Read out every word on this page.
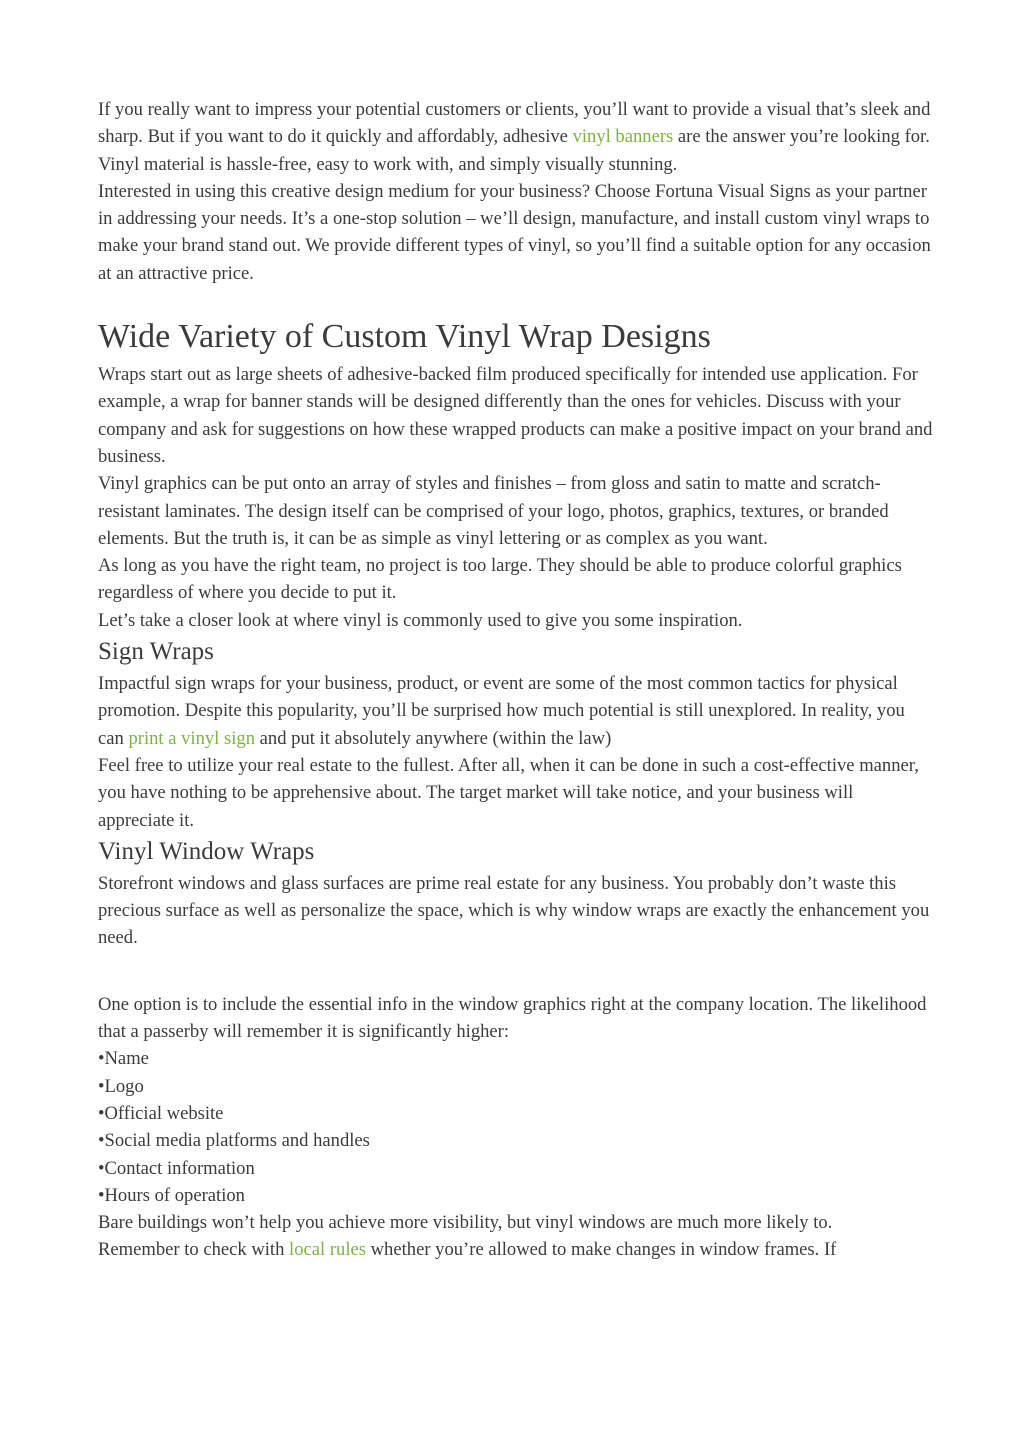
If you really want to impress your potential customers or clients, you’ll want to provide a visual that’s sleek and sharp. But if you want to do it quickly and affordably, adhesive vinyl banners are the answer you’re looking for. Vinyl material is hassle-free, easy to work with, and simply visually stunning.

Interested in using this creative design medium for your business? Choose Fortuna Visual Signs as your partner in addressing your needs. It’s a one-stop solution – we’ll design, manufacture, and install custom vinyl wraps to make your brand stand out. We provide different types of vinyl, so you’ll find a suitable option for any occasion at an attractive price.

Wide Variety of Custom Vinyl Wrap Designs

Wraps start out as large sheets of adhesive-backed film produced specifically for intended use application. For example, a wrap for banner stands will be designed differently than the ones for vehicles. Discuss with your company and ask for suggestions on how these wrapped products can make a positive impact on your brand and business.

Vinyl graphics can be put onto an array of styles and finishes – from gloss and satin to matte and scratch-resistant laminates. The design itself can be comprised of your logo, photos, graphics, textures, or branded elements. But the truth is, it can be as simple as vinyl lettering or as complex as you want.

As long as you have the right team, no project is too large. They should be able to produce colorful graphics regardless of where you decide to put it.

Let’s take a closer look at where vinyl is commonly used to give you some inspiration.

Sign Wraps

Impactful sign wraps for your business, product, or event are some of the most common tactics for physical promotion. Despite this popularity, you’ll be surprised how much potential is still unexplored. In reality, you can print a vinyl sign and put it absolutely anywhere (within the law)

Feel free to utilize your real estate to the fullest. After all, when it can be done in such a cost-effective manner, you have nothing to be apprehensive about. The target market will take notice, and your business will appreciate it.

Vinyl Window Wraps

Storefront windows and glass surfaces are prime real estate for any business. You probably don’t waste this precious surface as well as personalize the space, which is why window wraps are exactly the enhancement you need.

One option is to include the essential info in the window graphics right at the company location. The likelihood that a passerby will remember it is significantly higher:

•Name
•Logo
•Official website
•Social media platforms and handles
•Contact information
•Hours of operation

Bare buildings won’t help you achieve more visibility, but vinyl windows are much more likely to.

Remember to check with local rules whether you’re allowed to make changes in window frames. If
